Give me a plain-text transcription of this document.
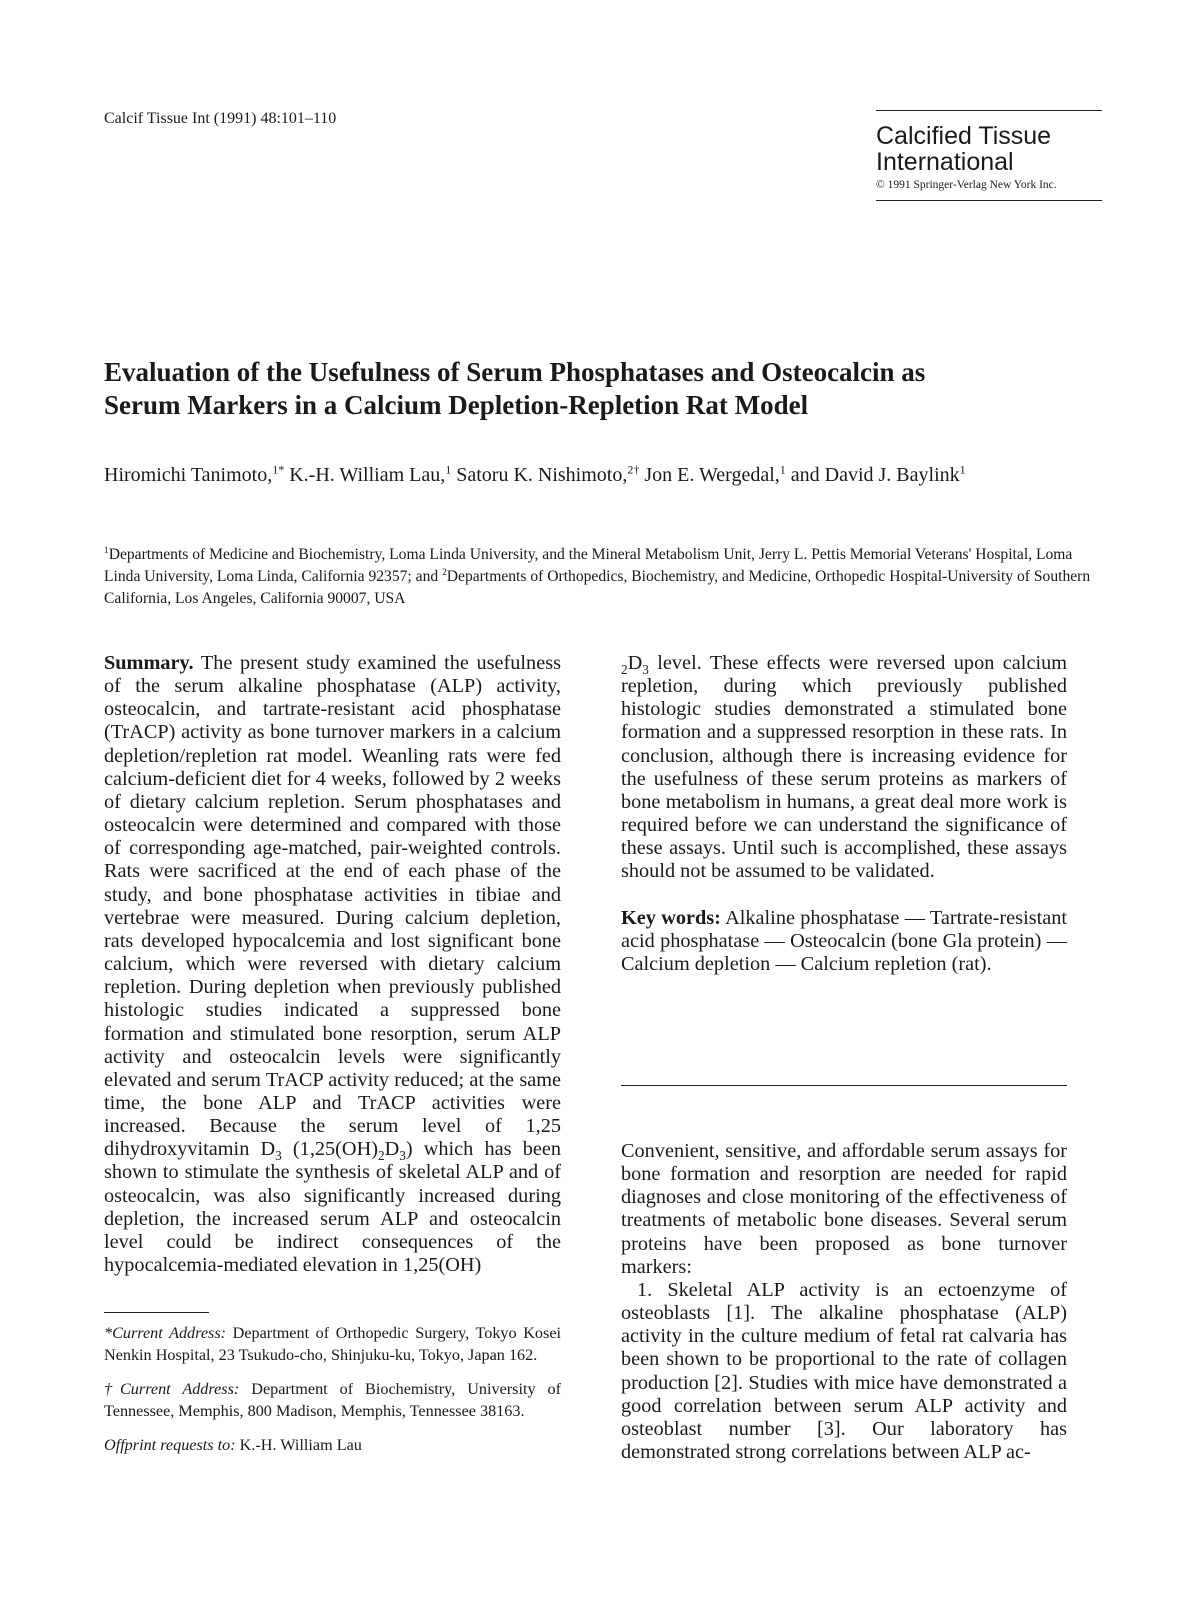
Calcif Tissue Int (1991) 48:101–110
Calcified Tissue
International
© 1991 Springer-Verlag New York Inc.
Evaluation of the Usefulness of Serum Phosphatases and Osteocalcin as
Serum Markers in a Calcium Depletion-Repletion Rat Model
Hiromichi Tanimoto,$^{1*}$ K.-H. William Lau,$^1$ Satoru K. Nishimoto,$^{2\dagger}$ Jon E. Wergedal,$^1$ and David J. Baylink$^1$
$^1$Departments of Medicine and Biochemistry, Loma Linda University, and the Mineral Metabolism Unit, Jerry L. Pettis Memorial Veterans' Hospital, Loma Linda University, Loma Linda, California 92357; and $^2$Departments of Orthopedics, Biochemistry, and Medicine, Orthopedic Hospital-University of Southern California, Los Angeles, California 90007, USA

Summary. The present study examined the usefulness of the serum alkaline phosphatase (ALP) activity, osteocalcin, and tartrate-resistant acid phosphatase (TrACP) activity as bone turnover markers in a calcium depletion/repletion rat model. Weanling rats were fed calcium-deficient diet for 4 weeks, followed by 2 weeks of dietary calcium repletion. Serum phosphatases and osteocalcin were determined and compared with those of corresponding age-matched, pair-weighted controls. Rats were sacrificed at the end of each phase of the study, and bone phosphatase activities in tibiae and vertebrae were measured. During calcium depletion, rats developed hypocalcemia and lost significant bone calcium, which were reversed with dietary calcium repletion. During depletion when previously published histologic studies indicated a suppressed bone formation and stimulated bone resorption, serum ALP activity and osteocalcin levels were significantly elevated and serum TrACP activity reduced; at the same time, the bone ALP and TrACP activities were increased. Because the serum level of 1,25 dihydroxyvitamin $D_3$ $(1,25(OH)_2D_3)$ which has been shown to stimulate the synthesis of skeletal ALP and of osteocalcin, was also significantly increased during depletion, the increased serum ALP and osteocalcin level could be indirect consequences of the hypocalcemia-mediated elevation in 1,25(OH)

$_2D_3$ level. These effects were reversed upon calcium repletion, during which previously published histologic studies demonstrated a stimulated bone formation and a suppressed resorption in these rats. In conclusion, although there is increasing evidence for the usefulness of these serum proteins as markers of bone metabolism in humans, a great deal more work is required before we can understand the significance of these assays. Until such is accomplished, these assays should not be assumed to be validated.

Key words: Alkaline phosphatase — Tartrate-resistant acid phosphatase — Osteocalcin (bone Gla protein) — Calcium depletion — Calcium repletion (rat).

Convenient, sensitive, and affordable serum assays for bone formation and resorption are needed for rapid diagnoses and close monitoring of the effectiveness of treatments of metabolic bone diseases. Several serum proteins have been proposed as bone turnover markers:

1. Skeletal ALP activity is an ectoenzyme of osteoblasts [1]. The alkaline phosphatase (ALP) activity in the culture medium of fetal rat calvaria has been shown to be proportional to the rate of collagen production [2]. Studies with mice have demonstrated a good correlation between serum ALP activity and osteoblast number [3]. Our laboratory has demonstrated strong correlations between ALP ac-

*Current Address: Department of Orthopedic Surgery, Tokyo Kosei Nenkin Hospital, 23 Tsukudo-cho, Shinjuku-ku, Tokyo, Japan 162.

†Current Address: Department of Biochemistry, University of Tennessee, Memphis, 800 Madison, Memphis, Tennessee 38163.

Offprint requests to: K.-H. William Lau
